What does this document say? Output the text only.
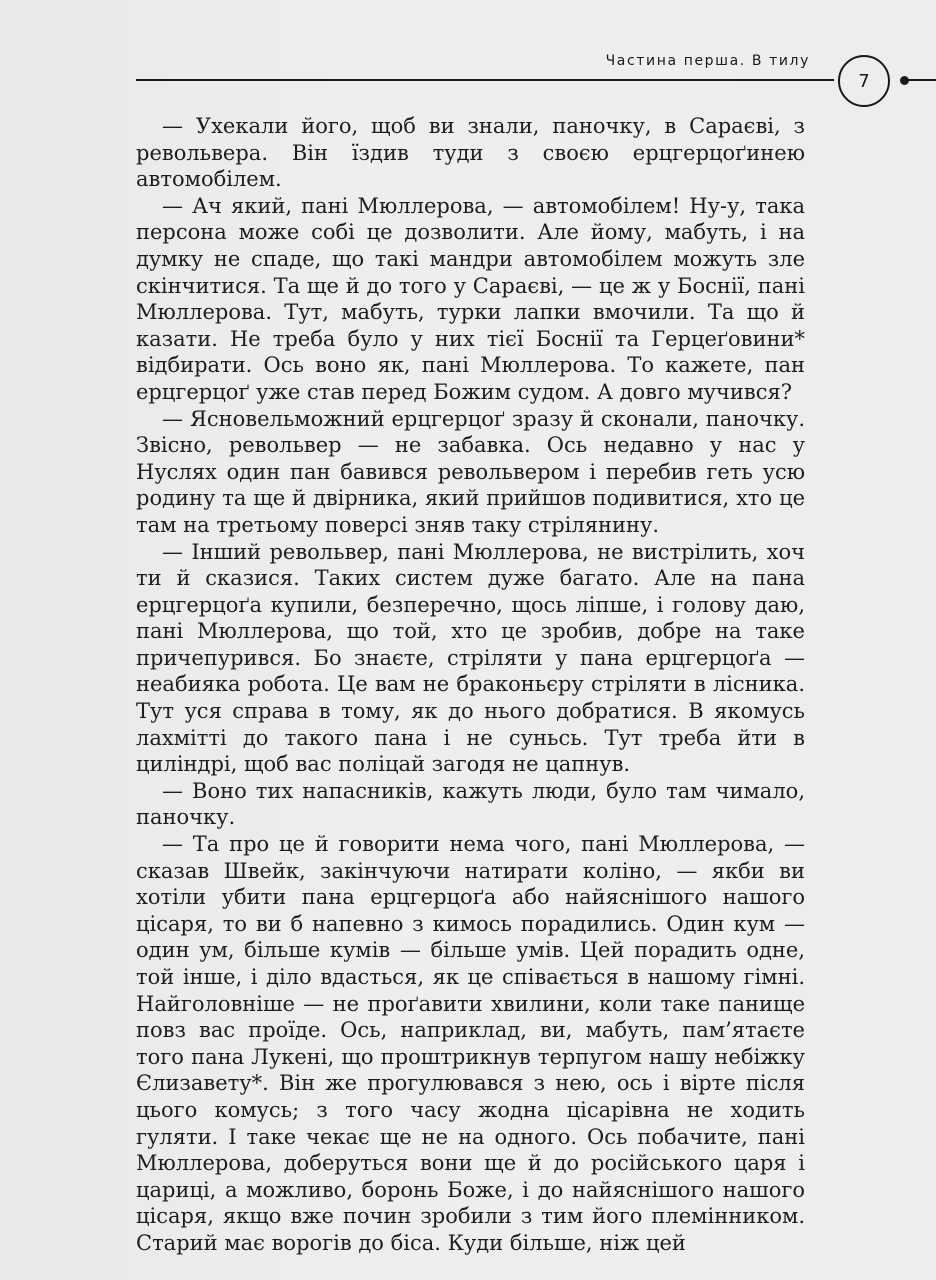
Частина перша. В тилу
7

— Ухекали його, щоб ви знали, паночку, в Сараєві, з револьвера. Він їздив туди з своєю ерцгерцоґинею автомобілем.

— Ач який, пані Мюллерова, — автомобілем! Ну-у, така персона може собі це дозволити. Але йому, мабуть, і на думку не спаде, що такі мандри автомобілем можуть зле скінчитися. Та ще й до того у Сараєві, — це ж у Боснії, пані Мюллерова. Тут, мабуть, турки лапки вмочили. Та що й казати. Не треба було у них тієї Боснії та Герцеґовини* відбирати. Ось воно як, пані Мюллерова. То кажете, пан ерцгерцоґ уже став перед Божим судом. А довго мучився?

— Ясновельможний ерцгерцоґ зразу й сконали, паночку. Звісно, револьвер — не забавка. Ось недавно у нас у Нуслях один пан бавився револьвером і перебив геть усю родину та ще й двірника, який прийшов подивитися, хто це там на третьому поверсі зняв таку стрілянину.

— Інший револьвер, пані Мюллерова, не вистрілить, хоч ти й сказися. Таких систем дуже багато. Але на пана ерцгерцоґа купили, безперечно, щось ліпше, і голову даю, пані Мюллерова, що той, хто це зробив, добре на таке причепурився. Бо знаєте, стріляти у пана ерцгерцоґа — неабияка робота. Це вам не браконьєру стріляти в лісника. Тут уся справа в тому, як до нього добратися. В якомусь лахмітті до такого пана і не суньсь. Тут треба йти в циліндрі, щоб вас поліцай загодя не цапнув.

— Воно тих напасників, кажуть люди, було там чимало, паночку.

— Та про це й говорити нема чого, пані Мюллерова, — сказав Швейк, закінчуючи натирати коліно, — якби ви хотіли убити пана ерцгерцоґа або найяснішого нашого цісаря, то ви б напевно з кимось порадились. Один кум — один ум, більше кумів — більше умів. Цей порадить одне, той інше, і діло вдасться, як це співається в нашому гімні. Найголовніше — не проґавити хвилини, коли таке панище повз вас проїде. Ось, наприклад, ви, мабуть, пам’ятаєте того пана Лукені, що проштрикнув терпугом нашу небіжку Єлизавету*. Він же прогулювався з нею, ось і вірте після цього комусь; з того часу жодна цісарівна не ходить гуляти. І таке чекає ще не на одного. Ось побачите, пані Мюллерова, доберуться вони ще й до російського царя і цариці, а можливо, боронь Боже, і до найяснішого нашого цісаря, якщо вже почин зробили з тим його племінником. Старий має ворогів до біса. Куди більше, ніж цей
